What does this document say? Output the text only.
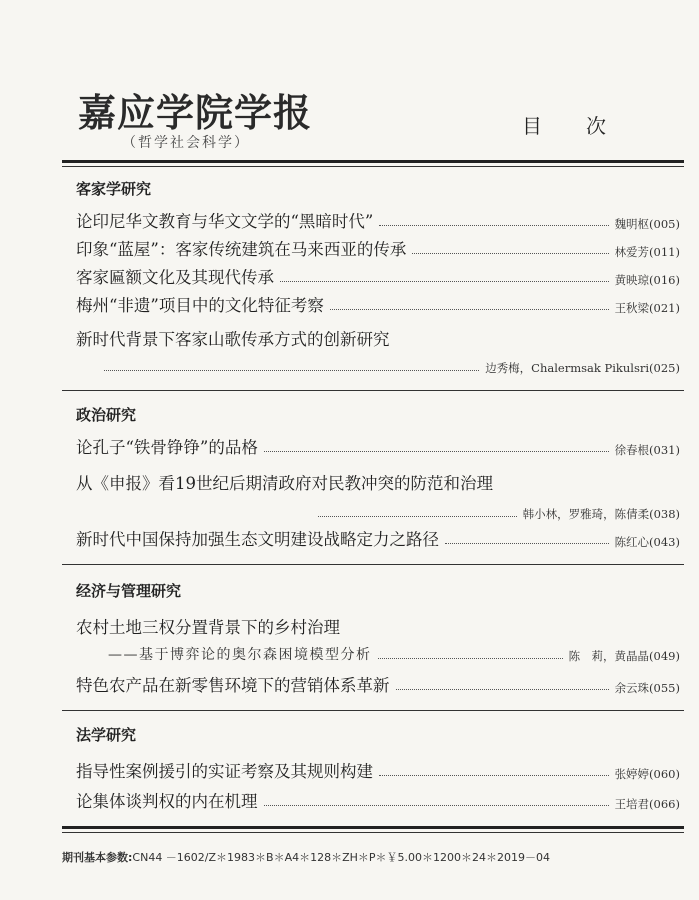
嘉应学院学报
（哲学社会科学）
目次
客家学研究
论印尼华文教育与华文文学的“黑暗时代”	魏明枢(005)
印象“蓝屋”：客家传统建筑在马来西亚的传承	林爱芳(011)
客家匾额文化及其现代传承	黄映琼(016)
梅州“非遗”项目中的文化特征考察	王秋梁(021)
新时代背景下客家山歌传承方式的创新研究
边秀梅，Chalermsak Pikulsri(025)
政治研究
论孔子“铁骨铮铮”的品格	徐春根(031)
从《申报》看19世纪后期清政府对民教冲突的防范和治理
韩小林，罗雅琦，陈倩柔(038)
新时代中国保持加强生态文明建设战略定力之路径	陈红心(043)
经济与管理研究
农村土地三权分置背景下的乡村治理
——基于博弈论的奥尔森困境模型分析	陈　莉，黄晶晶(049)
特色农产品在新零售环境下的营销体系革新	余云珠(055)
法学研究
指导性案例援引的实证考察及其规则构建	张婷婷(060)
论集体谈判权的内在机理	王培君(066)
期刊基本参数:CN44 －1602/Z＊1983＊B＊A4＊128＊ZH＊P＊￥5.00＊1200＊24＊2019－04
